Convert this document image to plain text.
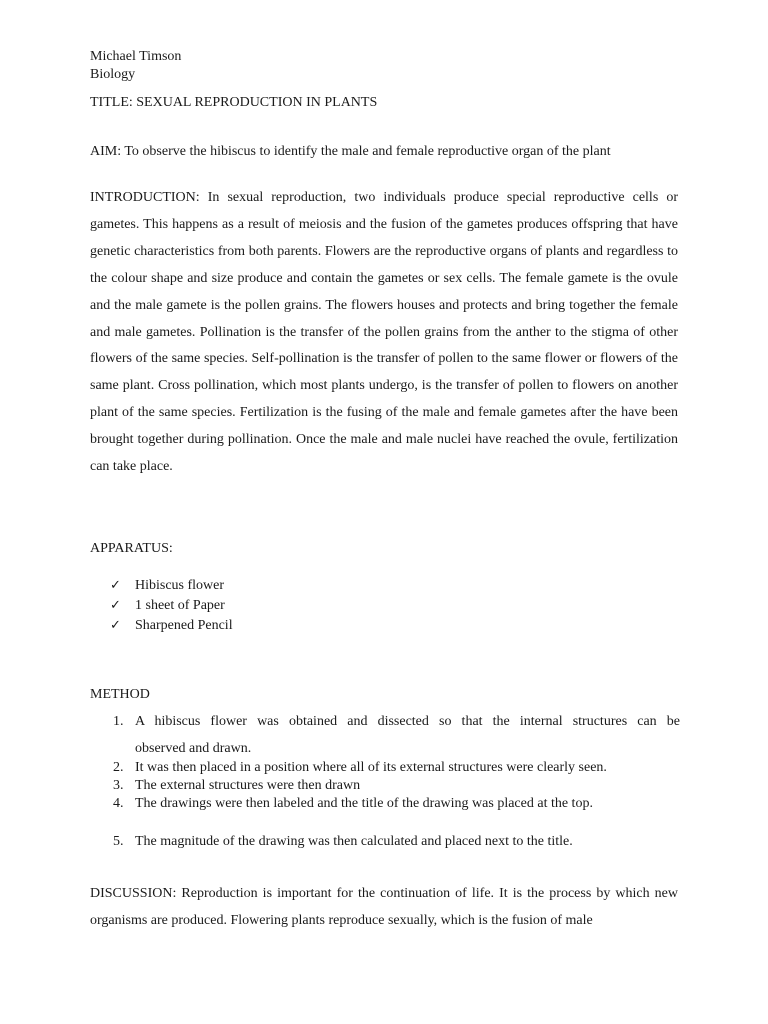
Michael Timson
Biology
TITLE: SEXUAL REPRODUCTION IN PLANTS
AIM: To observe the hibiscus to identify the male and female reproductive organ of the plant
INTRODUCTION: In sexual reproduction, two individuals produce special reproductive cells or gametes. This happens as a result of meiosis and the fusion of the gametes produces offspring that have genetic characteristics from both parents. Flowers are the reproductive organs of plants and regardless to the colour shape and size produce and contain the gametes or sex cells. The female gamete is the ovule and the male gamete is the pollen grains. The flowers houses and protects and bring together the female and male gametes. Pollination is the transfer of the pollen grains from the anther to the stigma of other flowers of the same species. Self-pollination is the transfer of pollen to the same flower or flowers of the same plant. Cross pollination, which most plants undergo, is the transfer of pollen to flowers on another plant of the same species. Fertilization is the fusing of the male and female gametes after the have been brought together during pollination. Once the male and male nuclei have reached the ovule, fertilization can take place.
APPARATUS:
✓ Hibiscus flower
✓ 1 sheet of Paper
✓ Sharpened Pencil
METHOD
1. A hibiscus flower was obtained and dissected so that the internal structures can be
observed and drawn.
2. It was then placed in a position where all of its external structures were clearly seen.
3. The external structures were then drawn
4. The drawings were then labeled and the title of the drawing was placed at the top.
5. The magnitude of the drawing was then calculated and placed next to the title.
DISCUSSION: Reproduction is important for the continuation of life. It is the process by which new organisms are produced. Flowering plants reproduce sexually, which is the fusion of male
